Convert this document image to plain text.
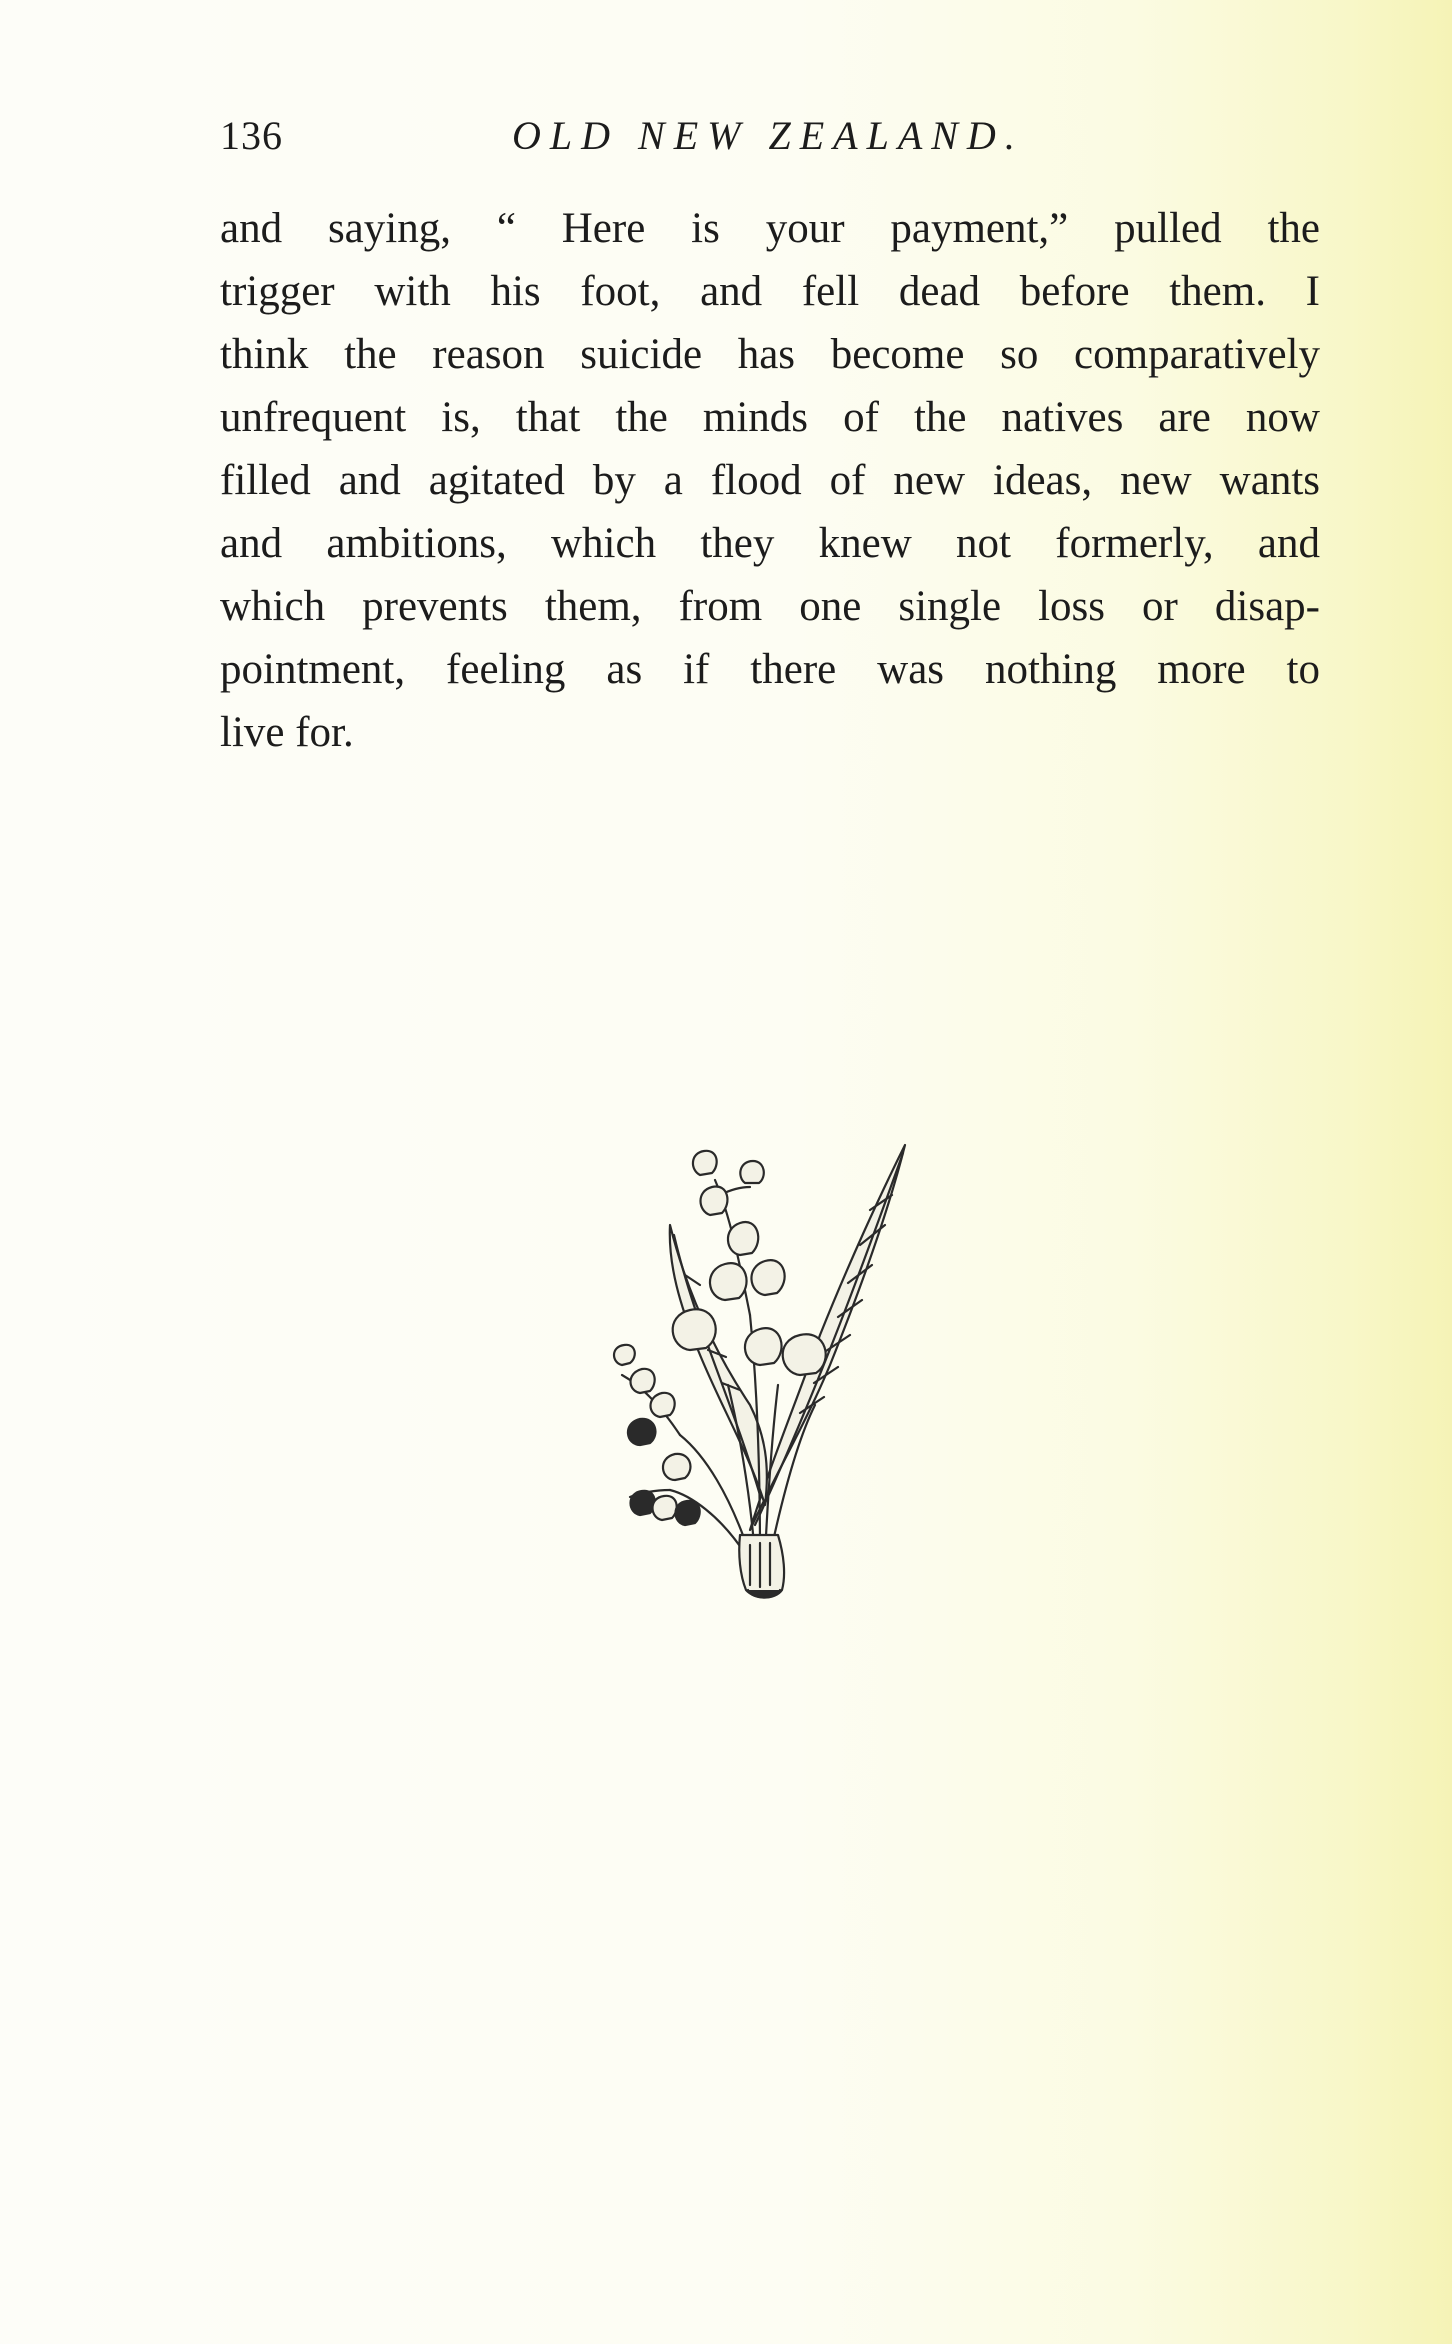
136	OLD NEW ZEALAND.
and saying, “ Here is your payment,” pulled the
trigger with his foot, and fell dead before them. I
think the reason suicide has become so comparatively
unfrequent is, that the minds of the natives are now
filled and agitated by a flood of new ideas, new wants
and ambitions, which they knew not formerly, and
which prevents them, from one single loss or disap-
pointment, feeling as if there was nothing more to
live for.
